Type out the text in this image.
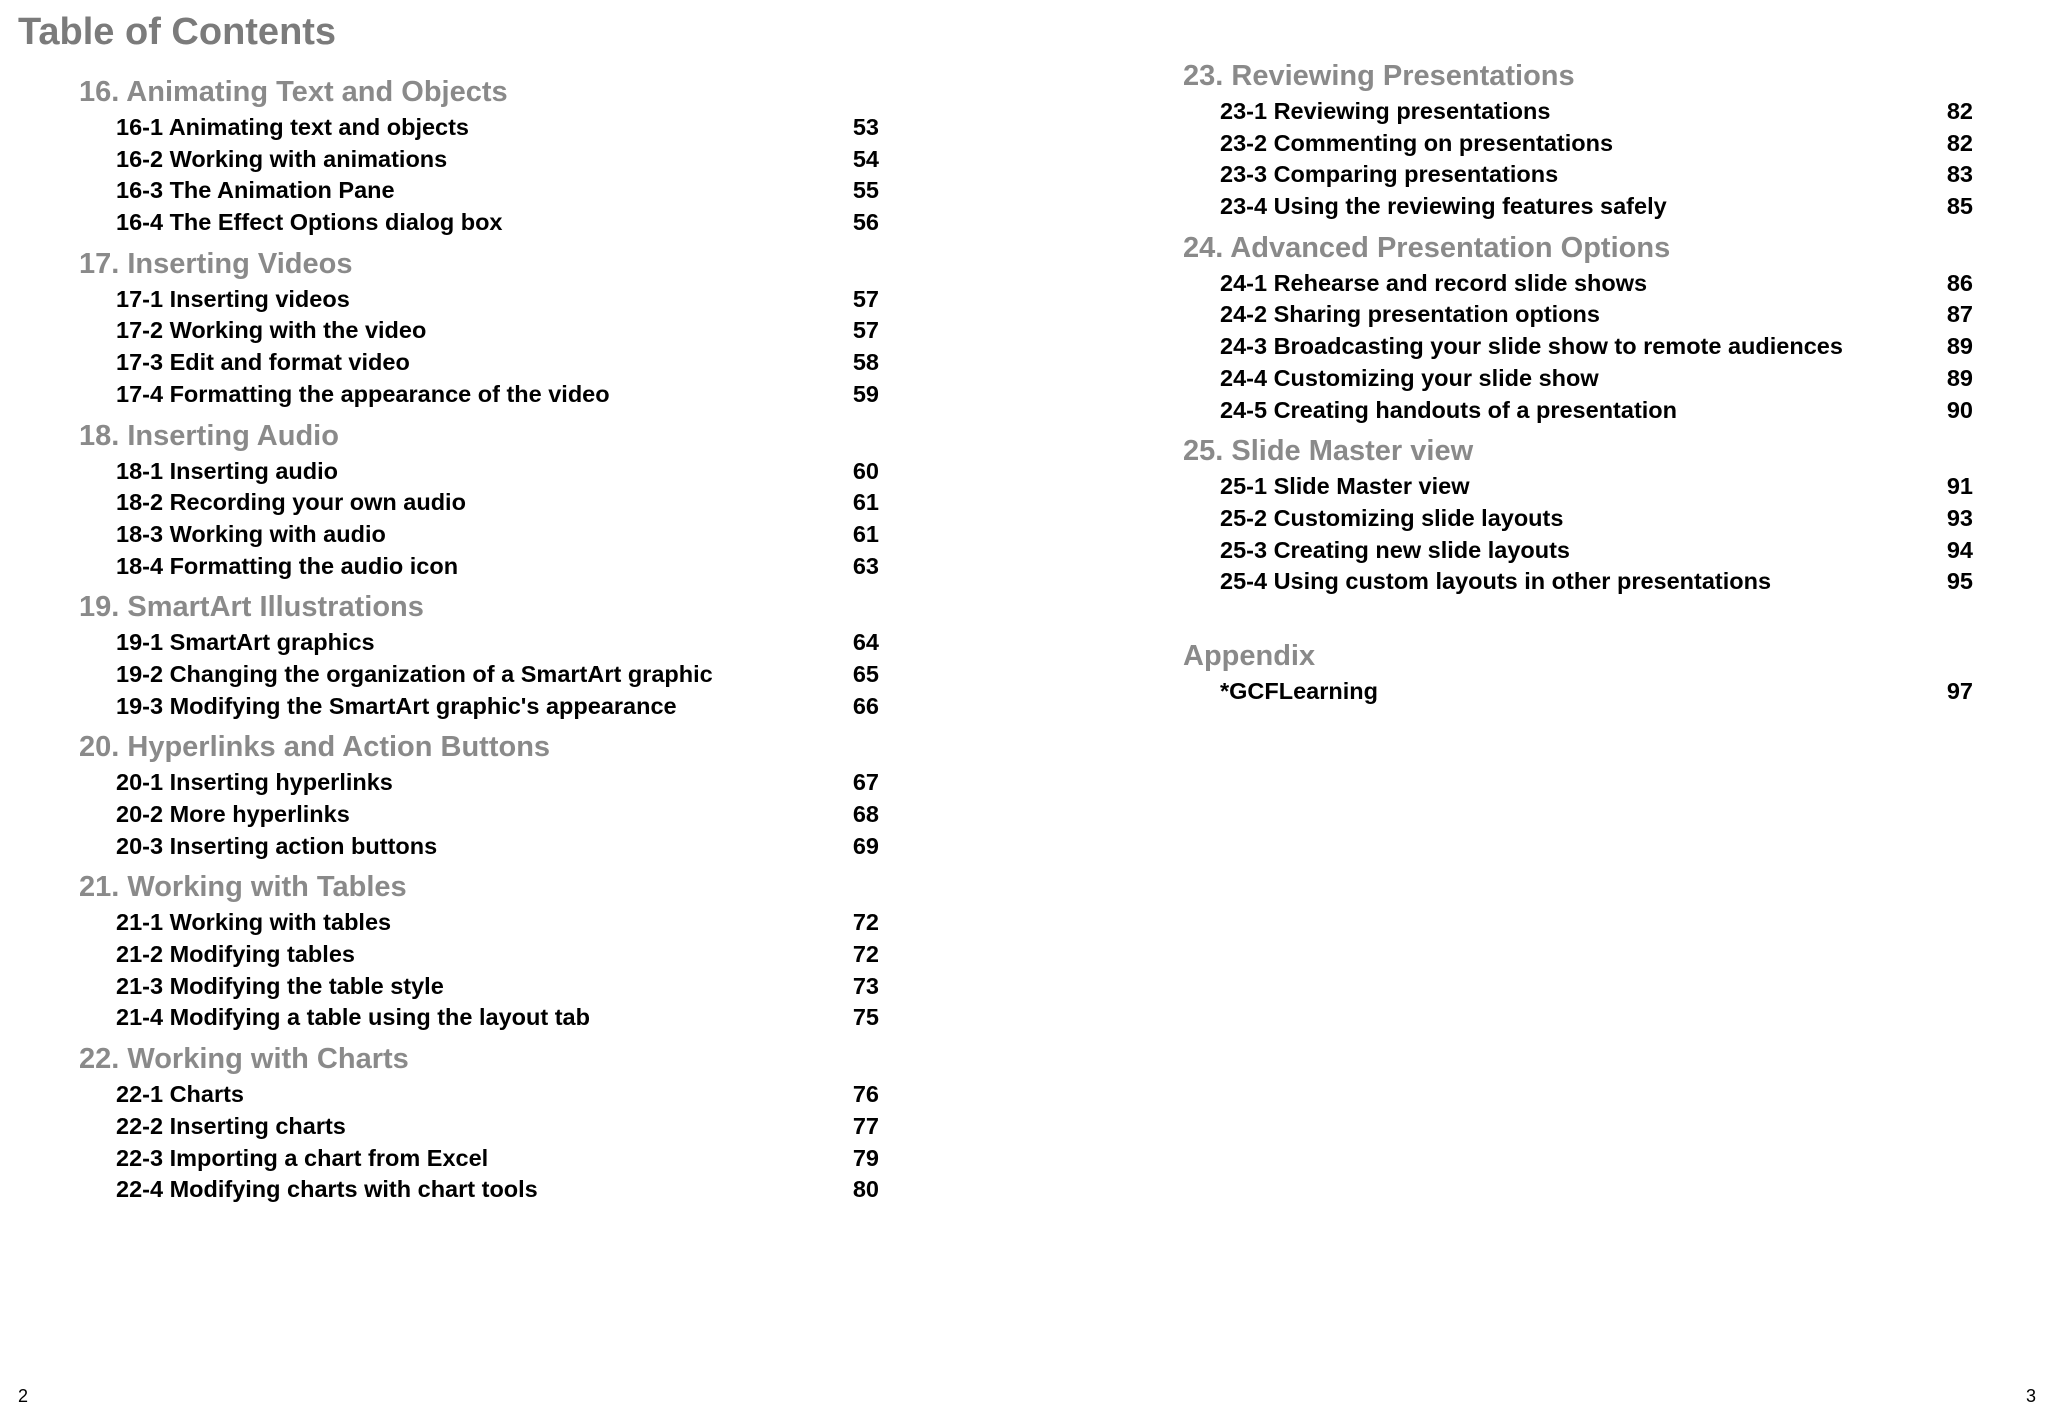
Table of Contents
16. Animating Text and Objects
16-1 Animating text and objects	53
16-2 Working with animations	54
16-3 The Animation Pane	55
16-4 The Effect Options dialog box	56
17. Inserting Videos
17-1 Inserting videos	57
17-2 Working with the video	57
17-3 Edit and format video	58
17-4 Formatting the appearance of the video	59
18. Inserting Audio
18-1 Inserting audio	60
18-2 Recording your own audio	61
18-3 Working with audio	61
18-4 Formatting the audio icon	63
19. SmartArt Illustrations
19-1 SmartArt graphics	64
19-2 Changing the organization of a SmartArt graphic	65
19-3 Modifying the SmartArt graphic's appearance	66
20. Hyperlinks and Action Buttons
20-1 Inserting hyperlinks	67
20-2 More hyperlinks	68
20-3 Inserting action buttons	69
21. Working with Tables
21-1 Working with tables	72
21-2 Modifying tables	72
21-3 Modifying the table style	73
21-4 Modifying a table using the layout tab	75
22. Working with Charts
22-1 Charts	76
22-2 Inserting charts	77
22-3 Importing a chart from Excel	79
22-4 Modifying charts with chart tools	80
23. Reviewing Presentations
23-1 Reviewing presentations	82
23-2 Commenting on presentations	82
23-3 Comparing presentations	83
23-4 Using the reviewing features safely	85
24. Advanced Presentation Options
24-1 Rehearse and record slide shows	86
24-2 Sharing presentation options	87
24-3 Broadcasting your slide show to remote audiences	89
24-4 Customizing your slide show	89
24-5 Creating handouts of a presentation	90
25. Slide Master view
25-1 Slide Master view	91
25-2 Customizing slide layouts	93
25-3 Creating new slide layouts	94
25-4 Using custom layouts in other presentations	95
Appendix
*GCFLearning	97
2	3
